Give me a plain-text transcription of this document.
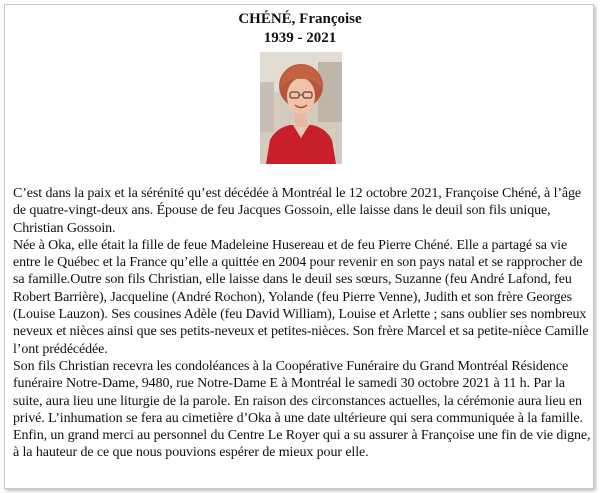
CHÉNÉ, Françoise
1939 - 2021

C’est dans la paix et la sérénité qu’est décédée à Montréal le 12 octobre 2021, Françoise Chéné, à l’âge de quatre-vingt-deux ans. Épouse de feu Jacques Gossoin, elle laisse dans le deuil son fils unique, Christian Gossoin.

Née à Oka, elle était la fille de feue Madeleine Husereau et de feu Pierre Chéné. Elle a partagé sa vie entre le Québec et la France qu’elle a quittée en 2004 pour revenir en son pays natal et se rapprocher de sa famille.Outre son fils Christian, elle laisse dans le deuil ses sœurs, Suzanne (feu André Lafond, feu Robert Barrière), Jacqueline (André Rochon), Yolande (feu Pierre Venne), Judith et son frère Georges (Louise Lauzon). Ses cousines Adèle (feu David William), Louise et Arlette ; sans oublier ses nombreux neveux et nièces ainsi que ses petits-neveux et petites-nièces. Son frère Marcel et sa petite-nièce Camille l’ont prédécédée.

Son fils Christian recevra les condoléances à la Coopérative Funéraire du Grand Montréal Résidence funéraire Notre-Dame, 9480, rue Notre-Dame E à Montréal le samedi 30 octobre 2021 à 11 h. Par la suite, aura lieu une liturgie de la parole. En raison des circonstances actuelles, la cérémonie aura lieu en privé. L’inhumation se fera au cimetière d’Oka à une date ultérieure qui sera communiquée à la famille.

Enfin, un grand merci au personnel du Centre Le Royer qui a su assurer à Françoise une fin de vie digne, à la hauteur de ce que nous pouvions espérer de mieux pour elle.
